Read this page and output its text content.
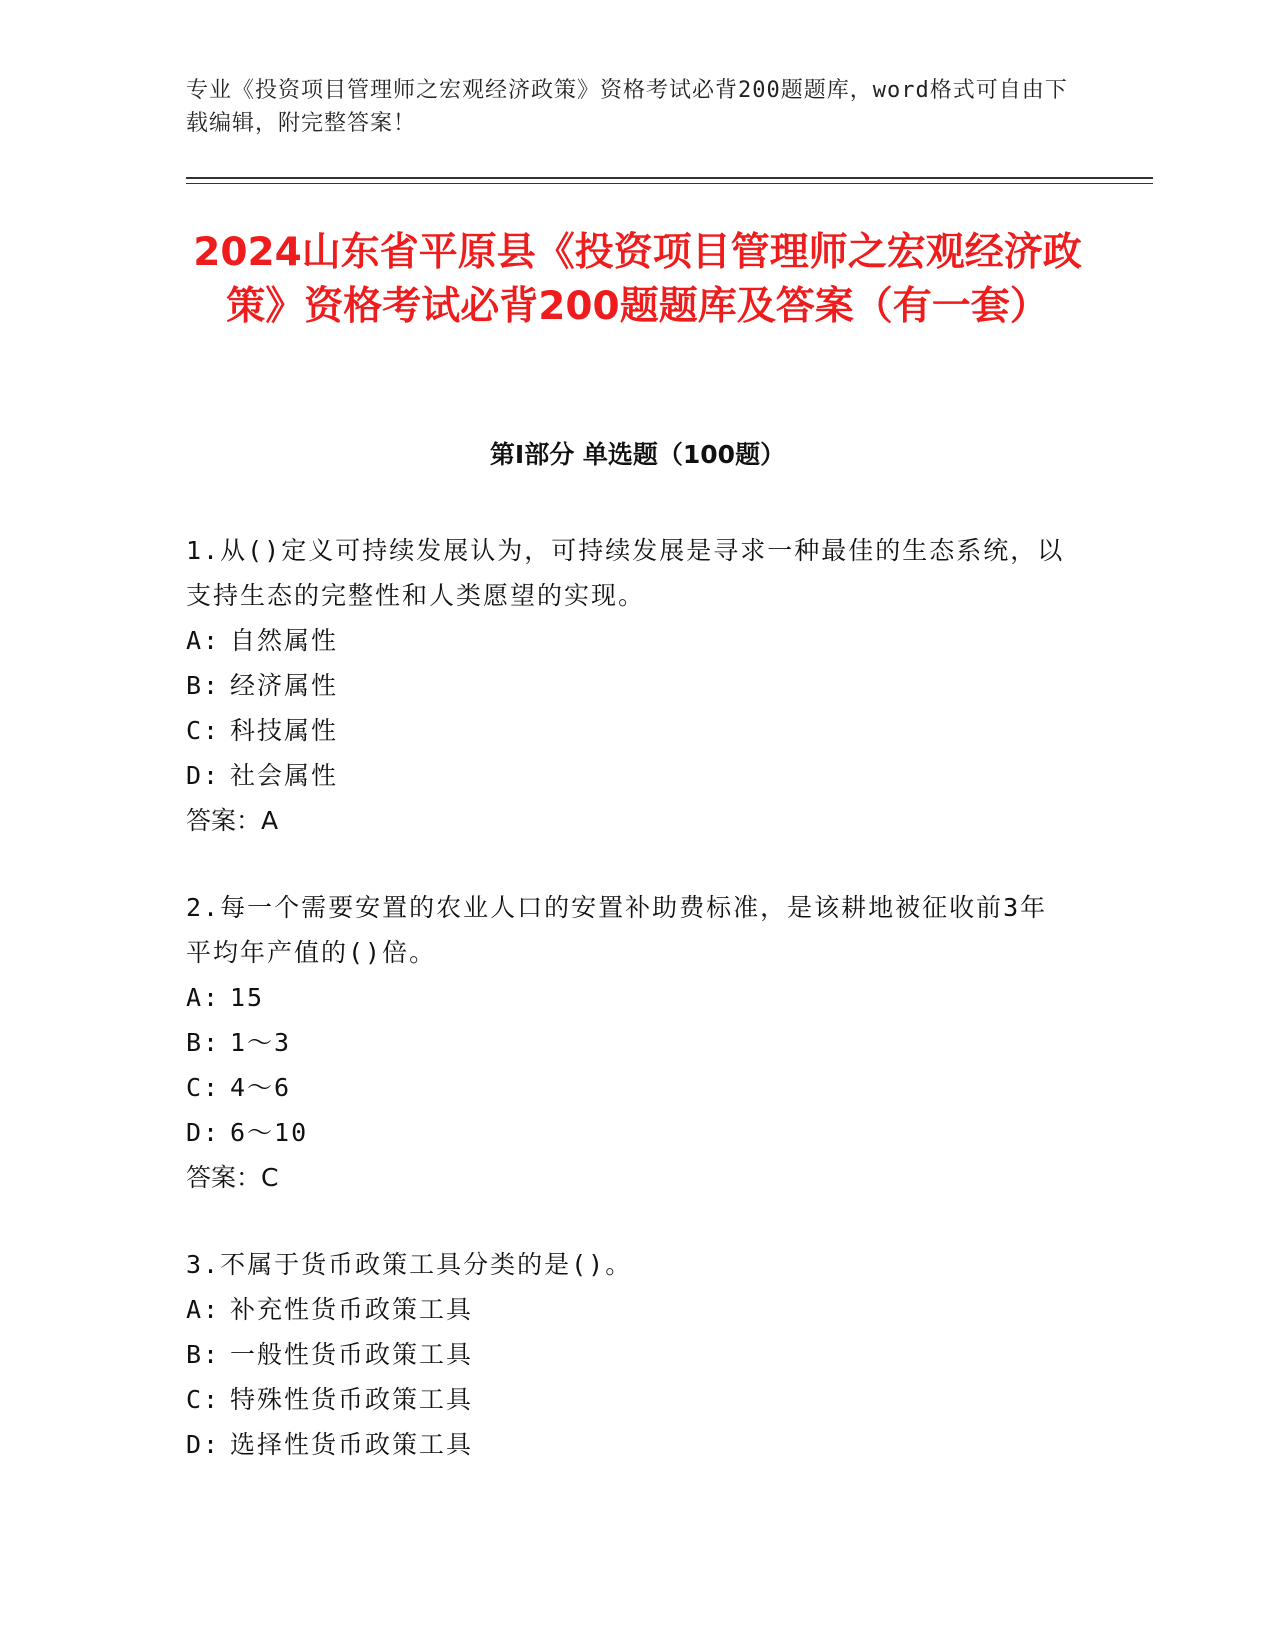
专业《投资项目管理师之宏观经济政策》资格考试必背200题题库，word格式可自由下载编辑，附完整答案！

2024山东省平原县《投资项目管理师之宏观经济政策》资格考试必背200题题库及答案（有一套）
第Ⅰ部分 单选题（100题）

1.从()定义可持续发展认为，可持续发展是寻求一种最佳的生态系统，以支持生态的完整性和人类愿望的实现。

A: 自然属性
B: 经济属性
C: 科技属性
D: 社会属性

答案：A

2.每一个需要安置的农业人口的安置补助费标准，是该耕地被征收前3年平均年产值的()倍。

A: 15
B: 1～3
C: 4～6
D: 6～10

答案：C

3.不属于货币政策工具分类的是()。

A: 补充性货币政策工具
B: 一般性货币政策工具
C: 特殊性货币政策工具
D: 选择性货币政策工具
